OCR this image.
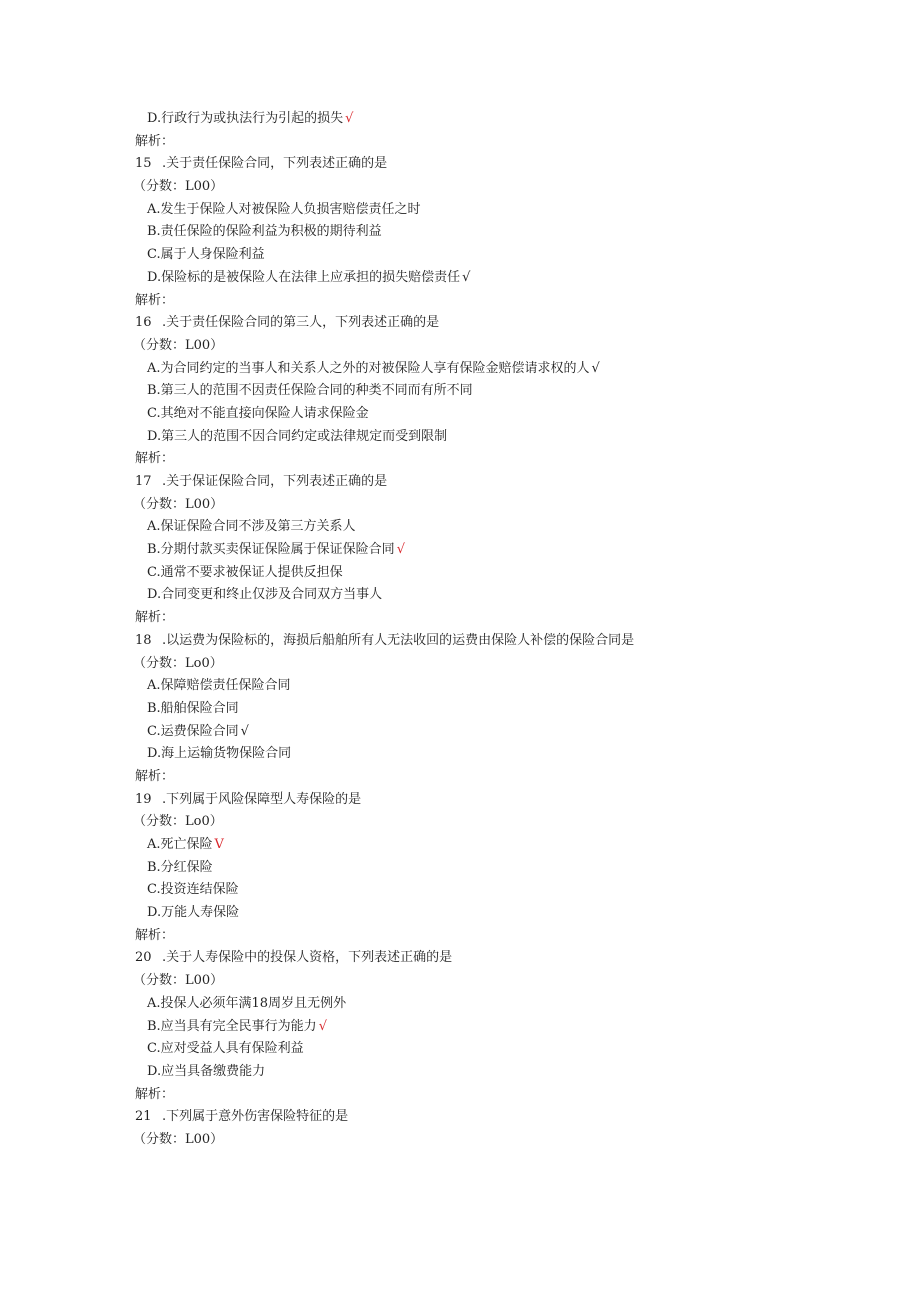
D.行政行为或执法行为引起的损失 √
解析：
15 .关于责任保险合同，下列表述正确的是
（分数：L00）
A.发生于保险人对被保险人负损害赔偿责任之时
B.责任保险的保险利益为积极的期待利益
C.属于人身保险利益
D.保险标的是被保险人在法律上应承担的损失赔偿责任 √
解析：
16 .关于责任保险合同的第三人，下列表述正确的是
（分数：L00）
A.为合同约定的当事人和关系人之外的对被保险人享有保险金赔偿请求权的人 √
B.第三人的范围不因责任保险合同的种类不同而有所不同
C.其绝对不能直接向保险人请求保险金
D.第三人的范围不因合同约定或法律规定而受到限制
解析：
17 .关于保证保险合同，下列表述正确的是
（分数：L00）
A.保证保险合同不涉及第三方关系人
B.分期付款买卖保证保险属于保证保险合同 √
C.通常不要求被保证人提供反担保
D.合同变更和终止仅涉及合同双方当事人
解析：
18 .以运费为保险标的，海损后船舶所有人无法收回的运费由保险人补偿的保险合同是
（分数：Lo0）
A.保障赔偿责任保险合同
B.船舶保险合同
C.运费保险合同 √
D.海上运输货物保险合同
解析：
19 .下列属于风险保障型人寿保险的是
（分数：Lo0）
A.死亡保险 V
B.分红保险
C.投资连结保险
D.万能人寿保险
解析：
20 .关于人寿保险中的投保人资格，下列表述正确的是
（分数：L00）
A.投保人必须年满18周岁且无例外
B.应当具有完全民事行为能力 √
C.应对受益人具有保险利益
D.应当具备缴费能力
解析：
21 .下列属于意外伤害保险特征的是
（分数：L00）
